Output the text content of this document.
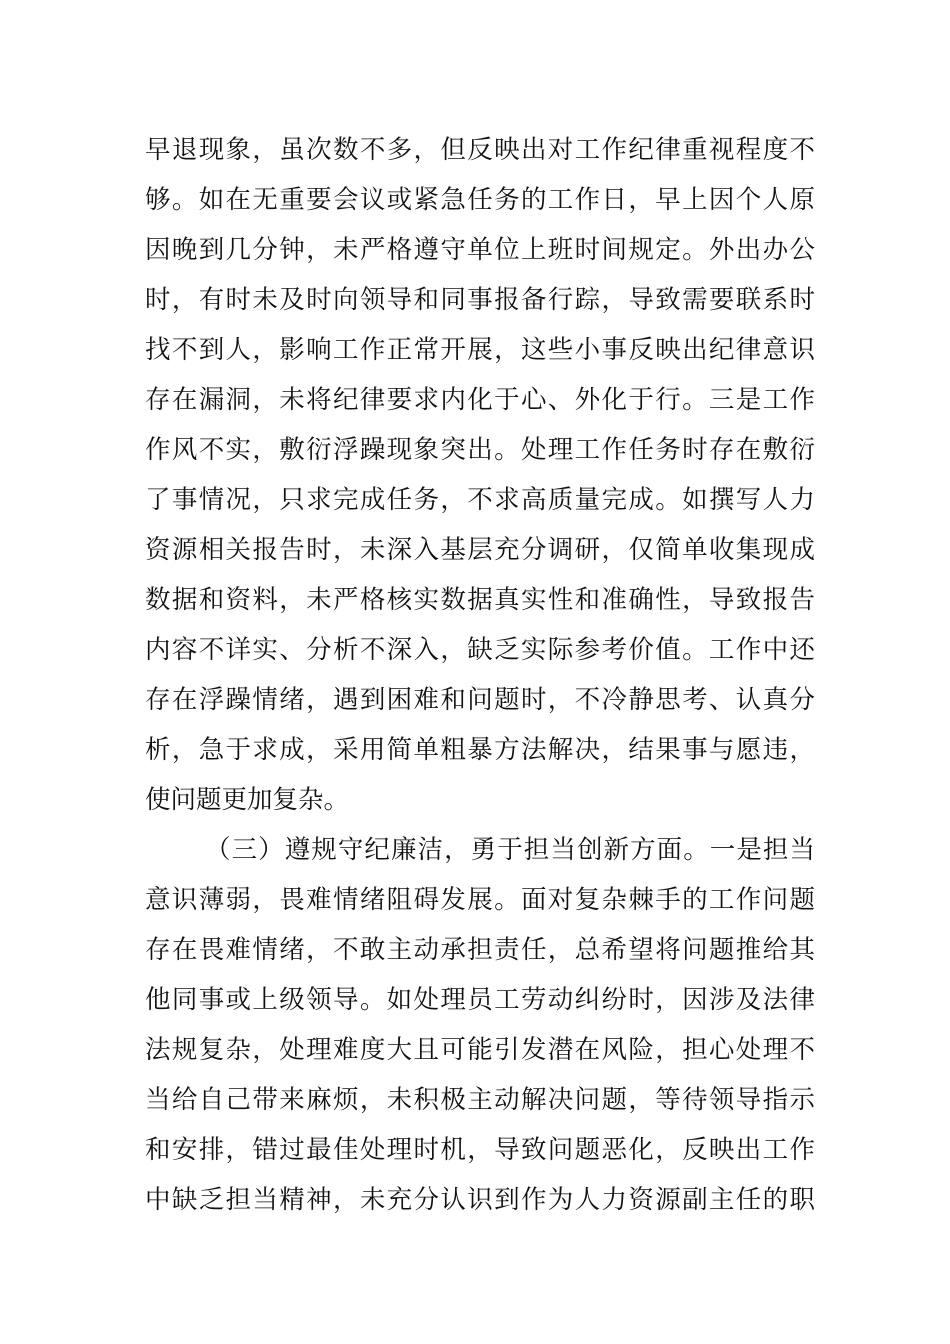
早退现象，虽次数不多，但反映出对工作纪律重视程度不
够。如在无重要会议或紧急任务的工作日，早上因个人原
因晚到几分钟，未严格遵守单位上班时间规定。外出办公
时，有时未及时向领导和同事报备行踪，导致需要联系时
找不到人，影响工作正常开展，这些小事反映出纪律意识
存在漏洞，未将纪律要求内化于心、外化于行。三是工作
作风不实，敷衍浮躁现象突出。处理工作任务时存在敷衍
了事情况，只求完成任务，不求高质量完成。如撰写人力
资源相关报告时，未深入基层充分调研，仅简单收集现成
数据和资料，未严格核实数据真实性和准确性，导致报告
内容不详实、分析不深入，缺乏实际参考价值。工作中还
存在浮躁情绪，遇到困难和问题时，不冷静思考、认真分
析，急于求成，采用简单粗暴方法解决，结果事与愿违，
使问题更加复杂。
（三）遵规守纪廉洁，勇于担当创新方面。一是担当
意识薄弱，畏难情绪阻碍发展。面对复杂棘手的工作问题
存在畏难情绪，不敢主动承担责任，总希望将问题推给其
他同事或上级领导。如处理员工劳动纠纷时，因涉及法律
法规复杂，处理难度大且可能引发潜在风险，担心处理不
当给自己带来麻烦，未积极主动解决问题，等待领导指示
和安排，错过最佳处理时机，导致问题恶化，反映出工作
中缺乏担当精神，未充分认识到作为人力资源副主任的职
